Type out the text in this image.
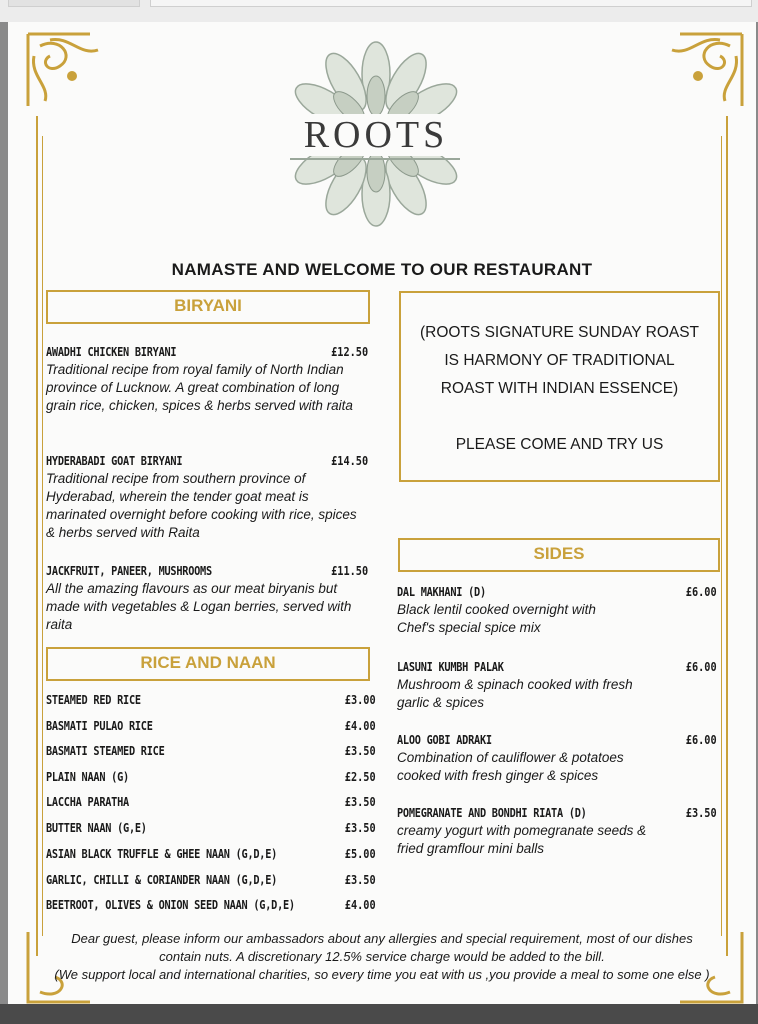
ROOTS
NAMASTE AND WELCOME TO OUR RESTAURANT
BIRYANI
AWADHI CHICKEN BIRYANI	£12.50
Traditional recipe from royal family of North Indian province of Lucknow. A great combination of long grain rice, chicken, spices & herbs served with raita
HYDERABADI GOAT BIRYANI	£14.50
Traditional recipe from southern province of Hyderabad, wherein the tender goat meat is marinated overnight before cooking with rice, spices & herbs served with Raita
JACKFRUIT, PANEER, MUSHROOMS	£11.50
All the amazing flavours as our meat biryanis but made with vegetables & Logan berries, served with raita
RICE AND NAAN
STEAMED RED RICE	£3.00
BASMATI PULAO RICE	£4.00
BASMATI STEAMED RICE	£3.50
PLAIN NAAN (G)	£2.50
LACCHA PARATHA	£3.50
BUTTER NAAN (G,E)	£3.50
ASIAN BLACK TRUFFLE & GHEE NAAN (G,D,E)	£5.00
GARLIC, CHILLI & CORIANDER NAAN (G,D,E)	£3.50
BEETROOT, OLIVES & ONION SEED NAAN (G,D,E)	£4.00
(ROOTS SIGNATURE SUNDAY ROAST
IS HARMONY OF TRADITIONAL
ROAST WITH INDIAN ESSENCE)
PLEASE COME AND TRY US
SIDES
DAL MAKHANI (D)	£6.00
Black lentil cooked overnight with Chef's special spice mix
LASUNI KUMBH PALAK	£6.00
Mushroom & spinach cooked with fresh garlic & spices
ALOO GOBI ADRAKI	£6.00
Combination of cauliflower & potatoes cooked with fresh ginger & spices
POMEGRANATE AND BONDHI RIATA (D)	£3.50
creamy yogurt with pomegranate seeds & fried gramflour mini balls
Dear guest, please inform our ambassadors about any allergies and special requirement, most of our dishes contain nuts. A discretionary 12.5% service charge would be added to the bill.
(We support local and international charities, so every time you eat with us ,you provide a meal to some one else )
